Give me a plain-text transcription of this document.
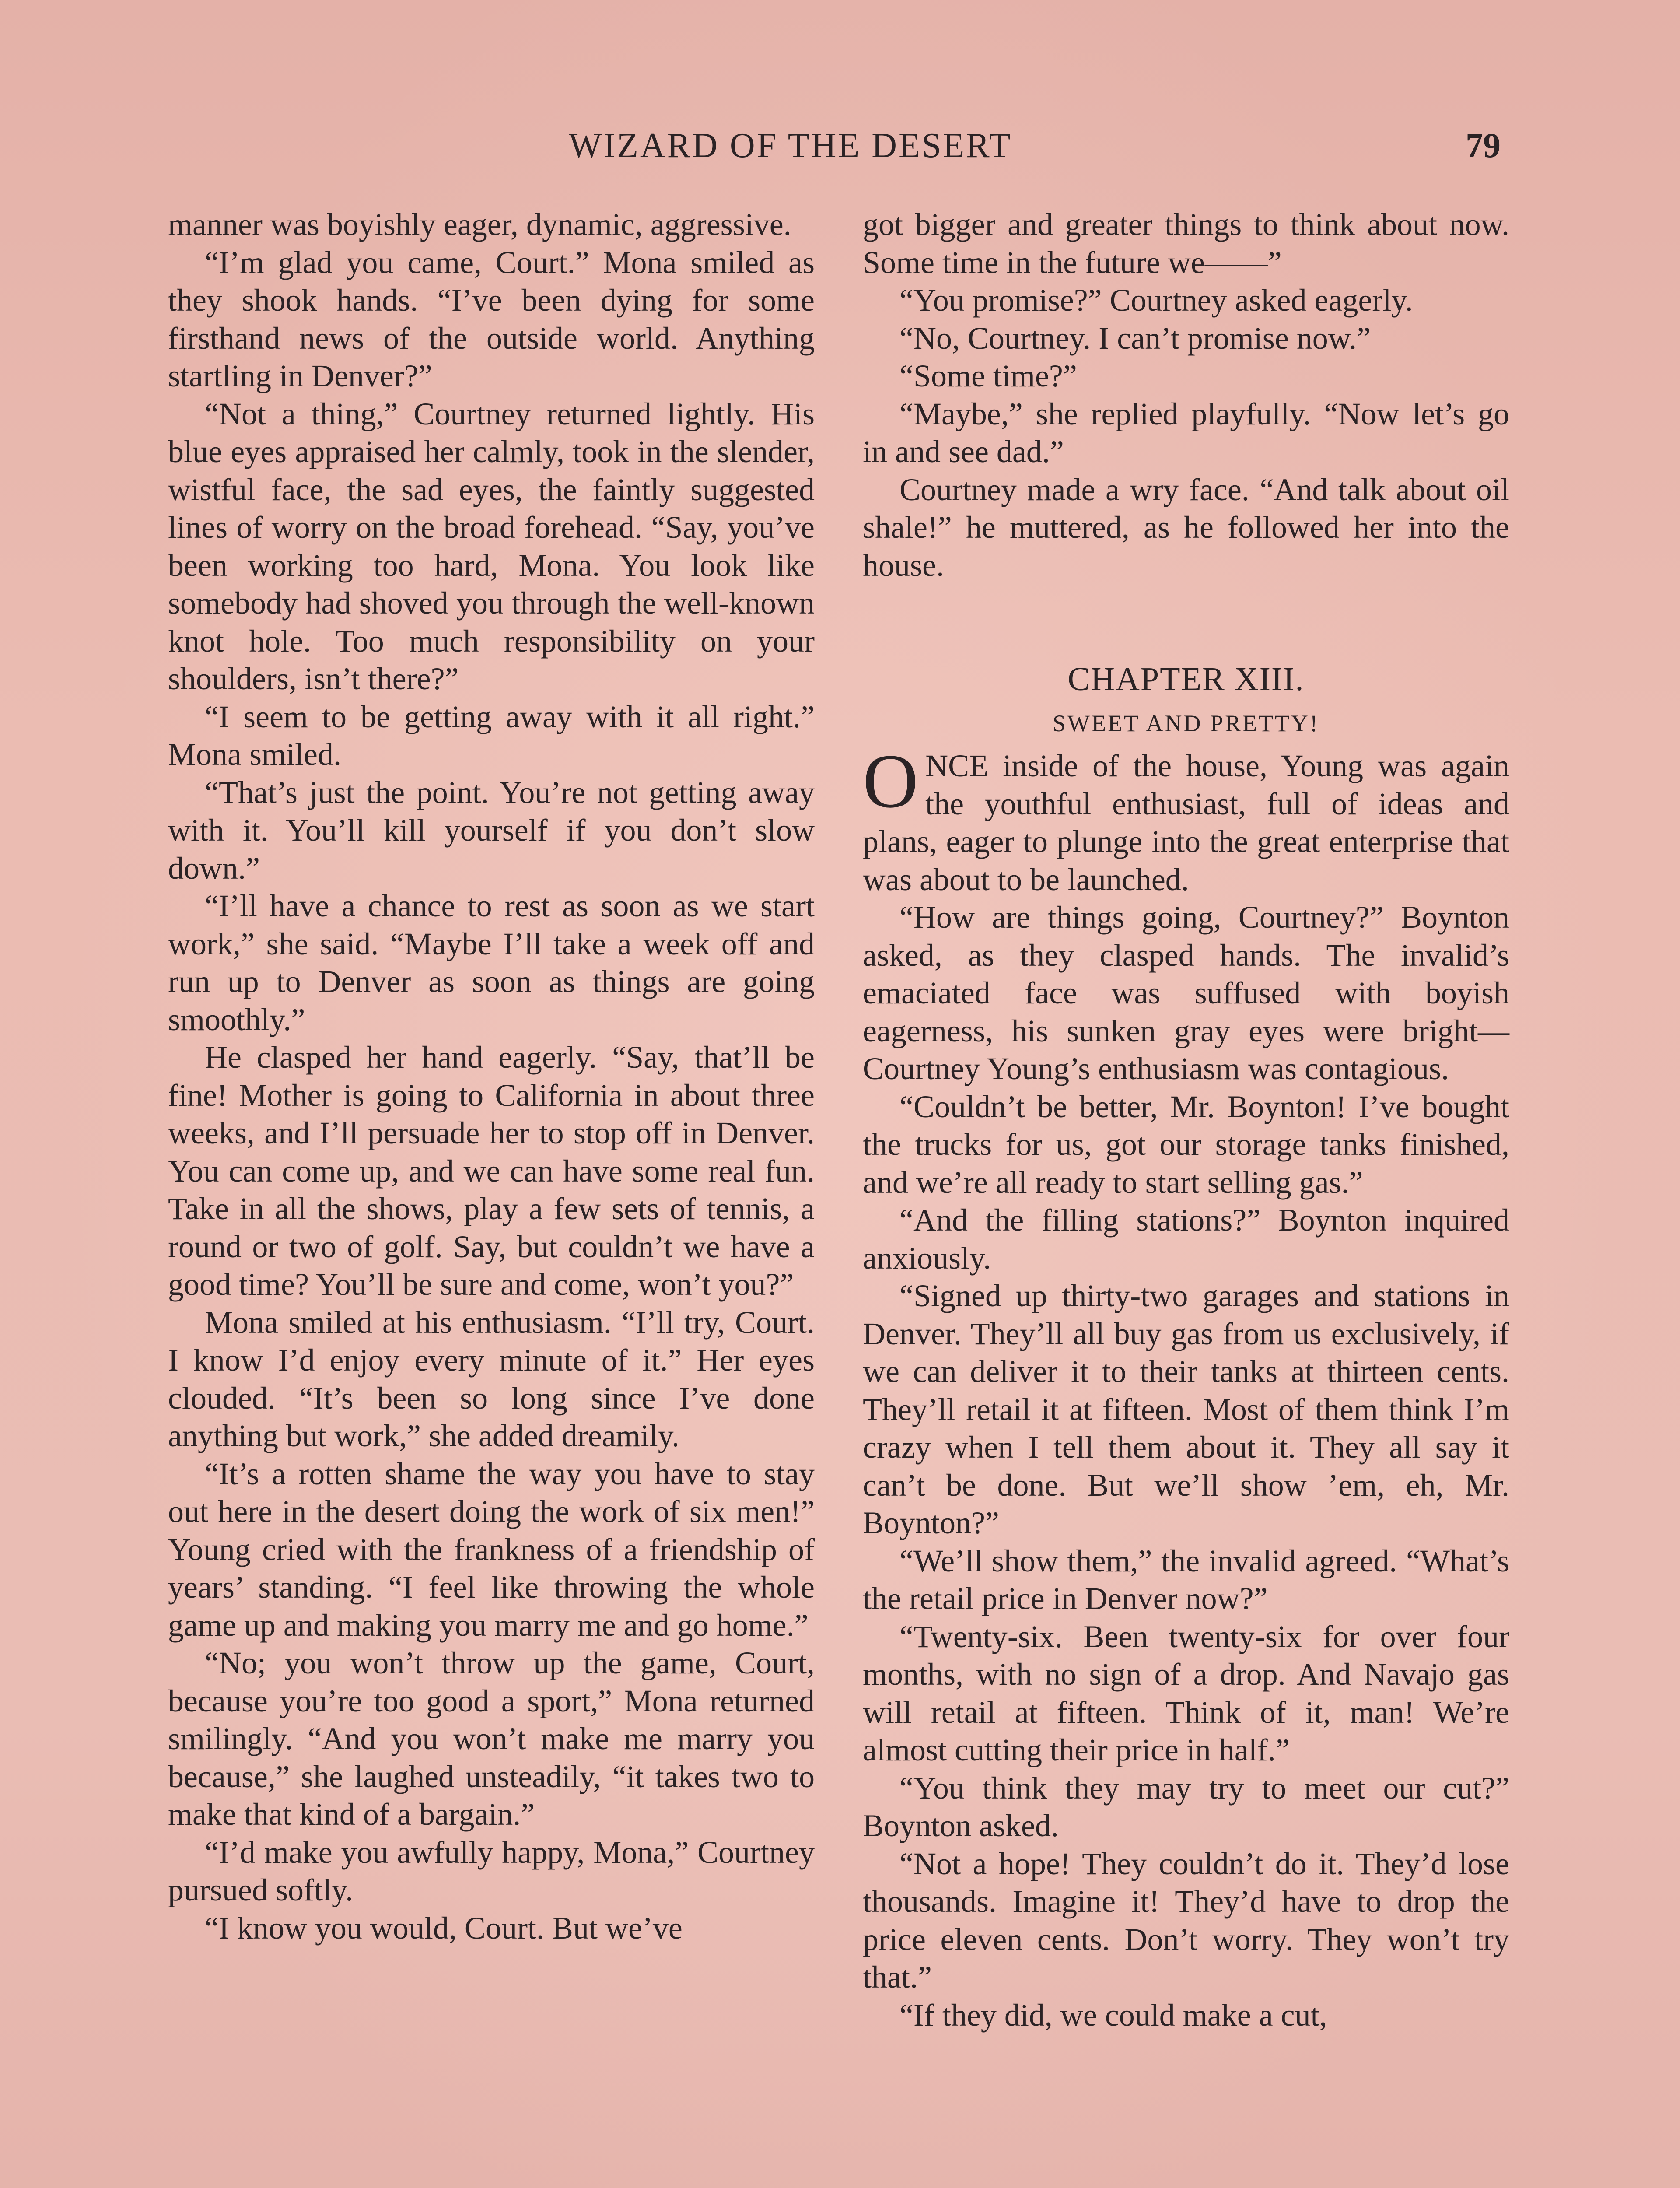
WIZARD OF THE DESERT	79

manner was boyishly eager, dynamic, aggressive.

“I’m glad you came, Court.” Mona smiled as they shook hands. “I’ve been dying for some firsthand news of the outside world. Anything startling in Denver?”

“Not a thing,” Courtney returned lightly. His blue eyes appraised her calmly, took in the slender, wistful face, the sad eyes, the faintly suggested lines of worry on the broad forehead. “Say, you’ve been working too hard, Mona. You look like somebody had shoved you through the well-known knot hole. Too much responsibility on your shoulders, isn’t there?”

“I seem to be getting away with it all right.” Mona smiled.

“That’s just the point. You’re not getting away with it. You’ll kill yourself if you don’t slow down.”

“I’ll have a chance to rest as soon as we start work,” she said. “Maybe I’ll take a week off and run up to Denver as soon as things are going smoothly.”

He clasped her hand eagerly. “Say, that’ll be fine! Mother is going to California in about three weeks, and I’ll persuade her to stop off in Denver. You can come up, and we can have some real fun. Take in all the shows, play a few sets of tennis, a round or two of golf. Say, but couldn’t we have a good time? You’ll be sure and come, won’t you?”

Mona smiled at his enthusiasm. “I’ll try, Court. I know I’d enjoy every minute of it.” Her eyes clouded. “It’s been so long since I’ve done anything but work,” she added dreamily.

“It’s a rotten shame the way you have to stay out here in the desert doing the work of six men!” Young cried with the frankness of a friendship of years’ standing. “I feel like throwing the whole game up and making you marry me and go home.”

“No; you won’t throw up the game, Court, because you’re too good a sport,” Mona returned smilingly. “And you won’t make me marry you because,” she laughed unsteadily, “it takes two to make that kind of a bargain.”

“I’d make you awfully happy, Mona,” Courtney pursued softly.

“I know you would, Court. But we’ve

got bigger and greater things to think about now. Some time in the future we——”

“You promise?” Courtney asked eagerly.

“No, Courtney. I can’t promise now.”

“Some time?”

“Maybe,” she replied playfully. “Now let’s go in and see dad.”

Courtney made a wry face. “And talk about oil shale!” he muttered, as he followed her into the house.

CHAPTER XIII.
SWEET AND PRETTY!

ONCE inside of the house, Young was again the youthful enthusiast, full of ideas and plans, eager to plunge into the great enterprise that was about to be launched.

“How are things going, Courtney?” Boynton asked, as they clasped hands. The invalid’s emaciated face was suffused with boyish eagerness, his sunken gray eyes were bright—Courtney Young’s enthusiasm was contagious.

“Couldn’t be better, Mr. Boynton! I’ve bought the trucks for us, got our storage tanks finished, and we’re all ready to start selling gas.”

“And the filling stations?” Boynton inquired anxiously.

“Signed up thirty-two garages and stations in Denver. They’ll all buy gas from us exclusively, if we can deliver it to their tanks at thirteen cents. They’ll retail it at fifteen. Most of them think I’m crazy when I tell them about it. They all say it can’t be done. But we’ll show ’em, eh, Mr. Boynton?”

“We’ll show them,” the invalid agreed. “What’s the retail price in Denver now?”

“Twenty-six. Been twenty-six for over four months, with no sign of a drop. And Navajo gas will retail at fifteen. Think of it, man! We’re almost cutting their price in half.”

“You think they may try to meet our cut?” Boynton asked.

“Not a hope! They couldn’t do it. They’d lose thousands. Imagine it! They’d have to drop the price eleven cents. Don’t worry. They won’t try that.”

“If they did, we could make a cut,
